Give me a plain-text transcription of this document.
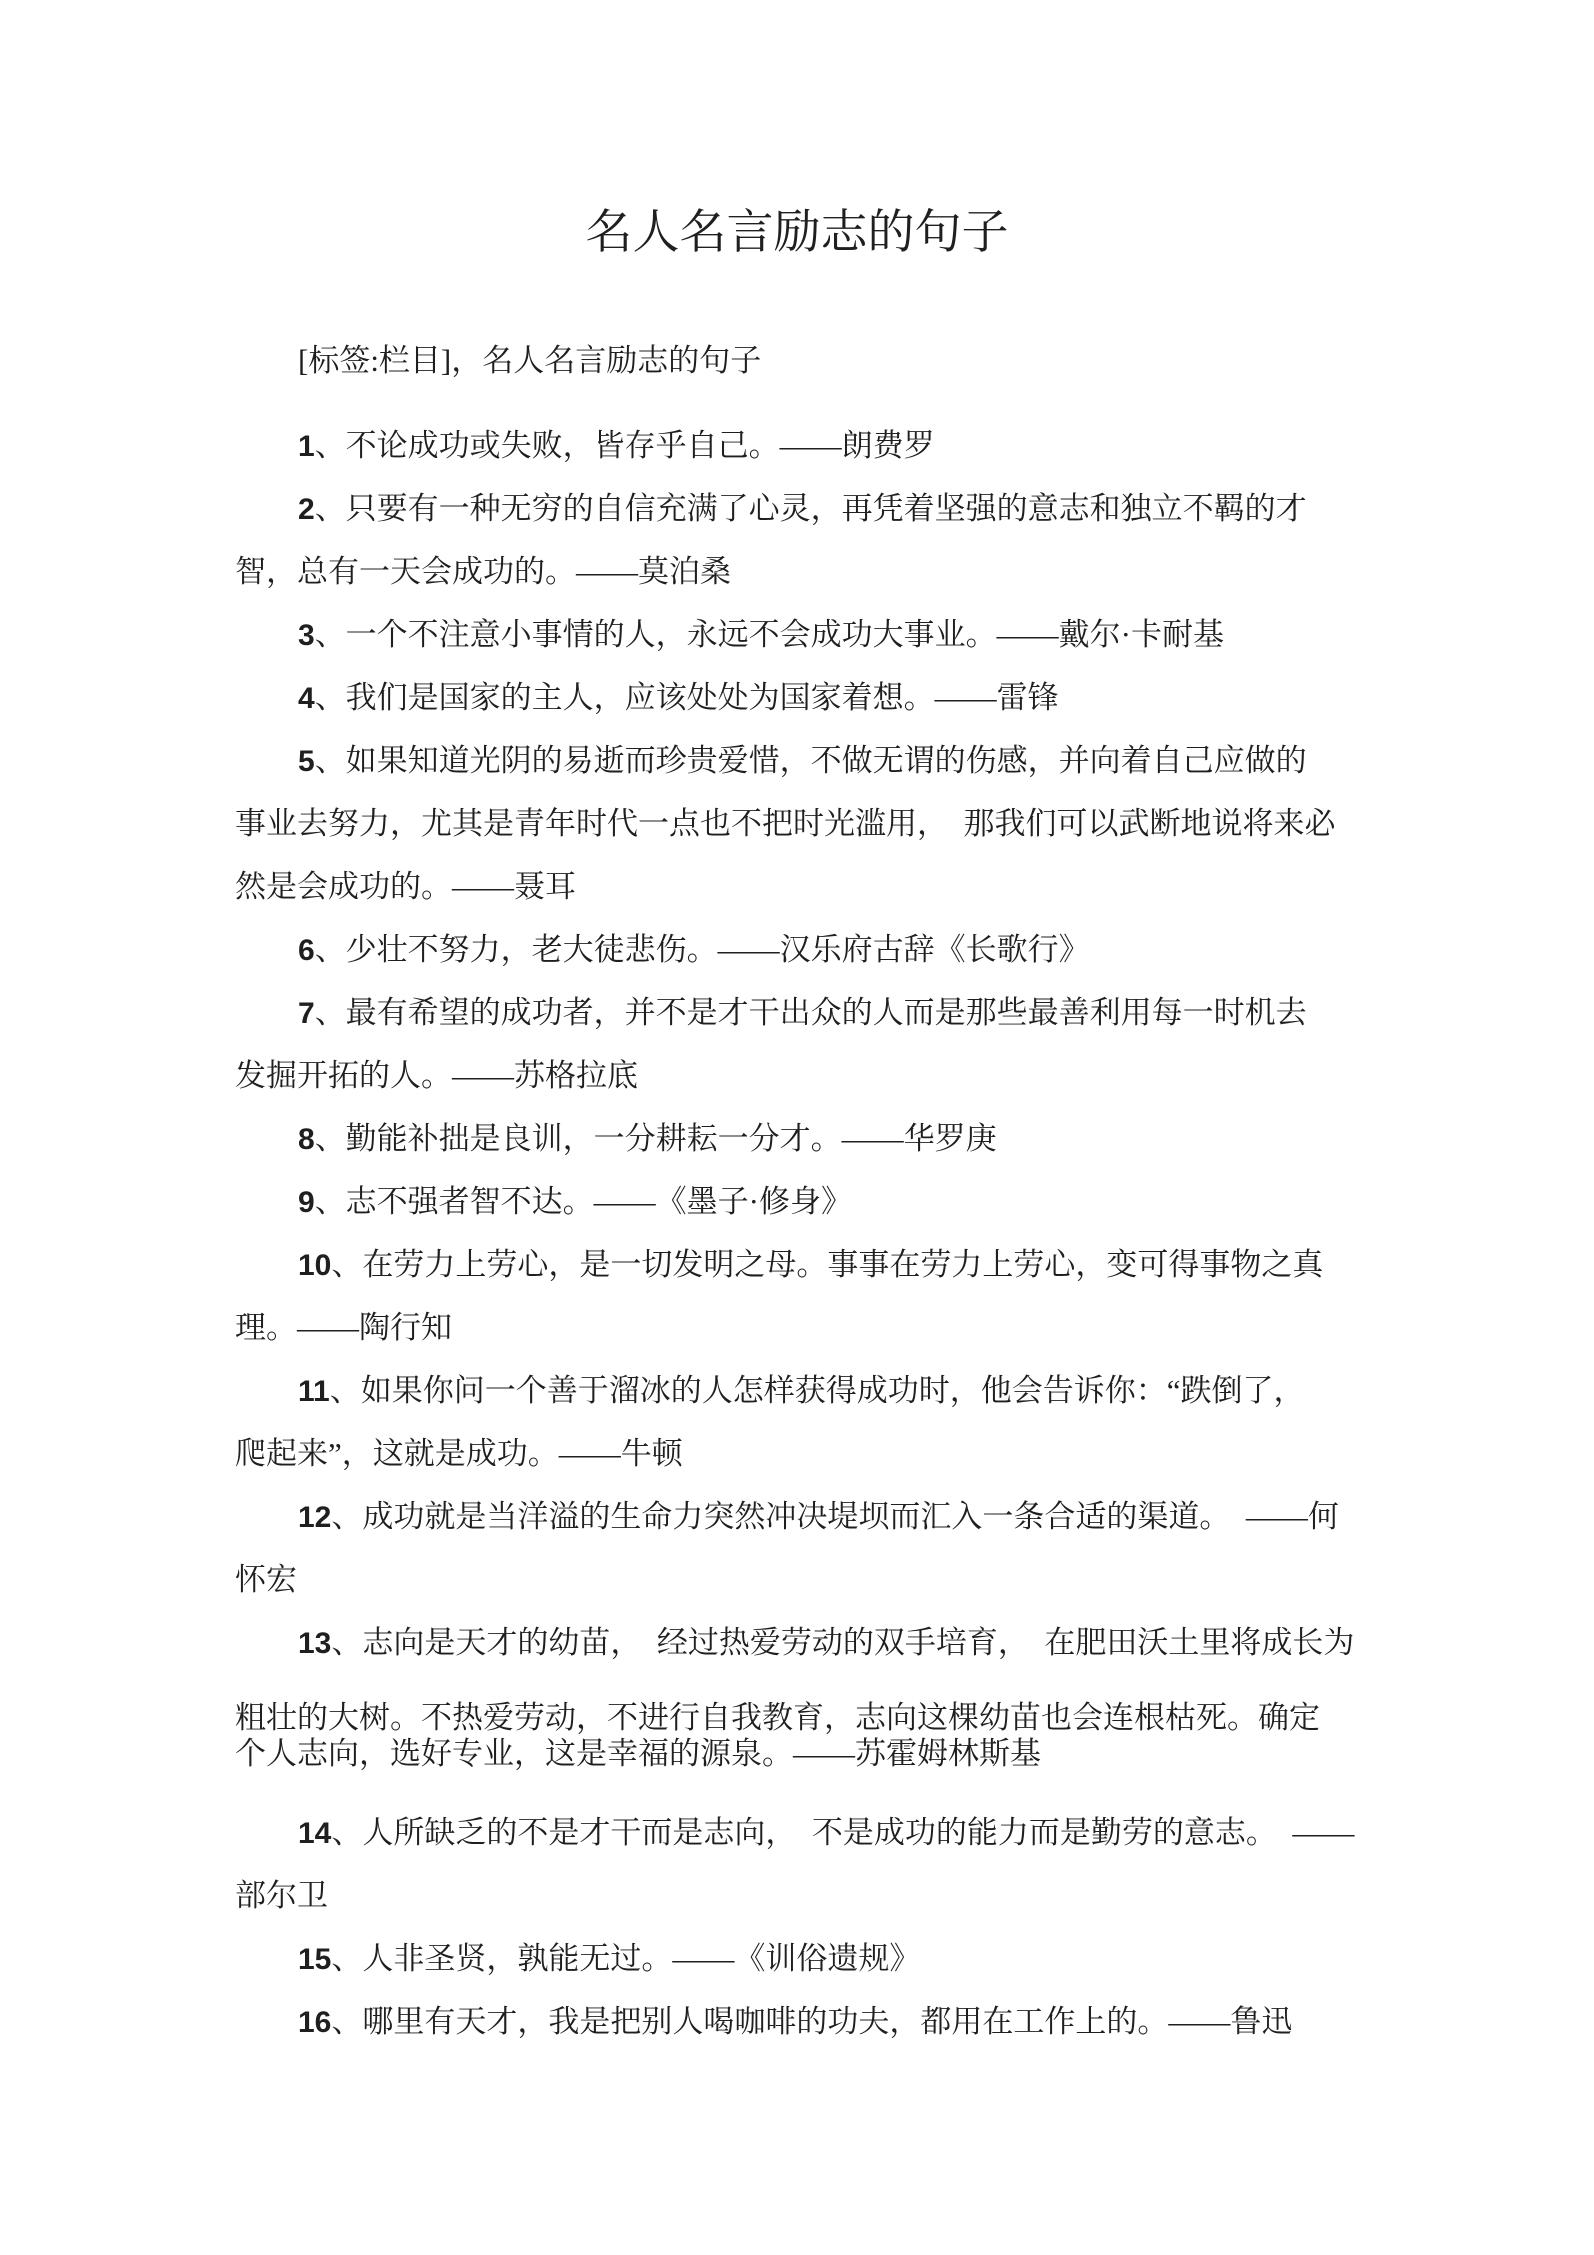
名人名言励志的句子
[标签:栏目]，名人名言励志的句子
1、不论成功或失败，皆存乎自己。——朗费罗
2、只要有一种无穷的自信充满了心灵，再凭着坚强的意志和独立不羁的才
智，总有一天会成功的。——莫泊桑
3、一个不注意小事情的人，永远不会成功大事业。——戴尔·卡耐基
4、我们是国家的主人，应该处处为国家着想。——雷锋
5、如果知道光阴的易逝而珍贵爱惜，不做无谓的伤感，并向着自己应做的
事业去努力，尤其是青年时代一点也不把时光滥用，　那我们可以武断地说将来必
然是会成功的。——聂耳
6、少壮不努力，老大徒悲伤。——汉乐府古辞《长歌行》
7、最有希望的成功者，并不是才干出众的人而是那些最善利用每一时机去
发掘开拓的人。——苏格拉底
8、勤能补拙是良训，一分耕耘一分才。——华罗庚
9、志不强者智不达。——《墨子·修身》
10、在劳力上劳心，是一切发明之母。事事在劳力上劳心，变可得事物之真
理。——陶行知
11、如果你问一个善于溜冰的人怎样获得成功时，他会告诉你：“跌倒了，
爬起来”，这就是成功。——牛顿
12、成功就是当洋溢的生命力突然冲决堤坝而汇入一条合适的渠道。　——何
怀宏
13、志向是天才的幼苗，　经过热爱劳动的双手培育，　在肥田沃土里将成长为
粗壮的大树。不热爱劳动，不进行自我教育，志向这棵幼苗也会连根枯死。确定
个人志向，选好专业，这是幸福的源泉。——苏霍姆林斯基
14、人所缺乏的不是才干而是志向，　不是成功的能力而是勤劳的意志。　——
部尔卫
15、人非圣贤，孰能无过。——《训俗遗规》
16、哪里有天才，我是把别人喝咖啡的功夫，都用在工作上的。——鲁迅
